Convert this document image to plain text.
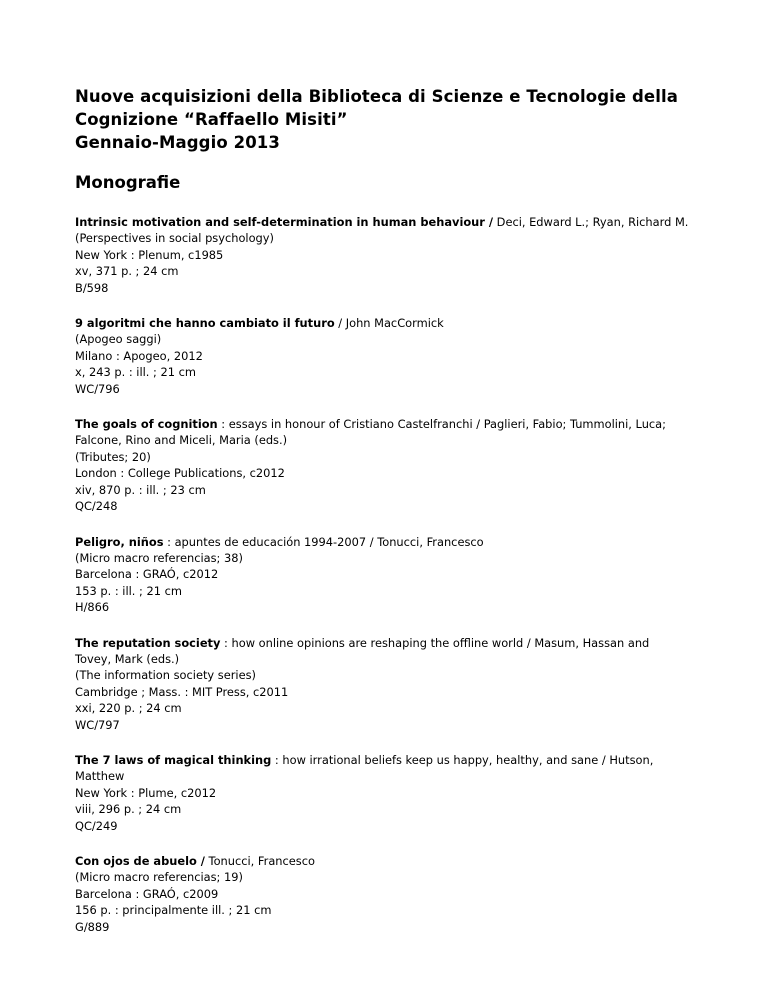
Nuove acquisizioni della Biblioteca di Scienze e Tecnologie della
Cognizione “Raffaello Misiti”
Gennaio-Maggio 2013
Monografie
Intrinsic motivation and self-determination in human behaviour / Deci, Edward L.; Ryan, Richard M.
(Perspectives in social psychology)
New York : Plenum, c1985
xv, 371 p. ; 24 cm
B/598
9 algoritmi che hanno cambiato il futuro / John MacCormick
(Apogeo saggi)
Milano : Apogeo, 2012
x, 243 p. : ill. ; 21 cm
WC/796
The goals of cognition : essays in honour of Cristiano Castelfranchi / Paglieri, Fabio; Tummolini, Luca;
Falcone, Rino and Miceli, Maria (eds.)
(Tributes; 20)
London : College Publications, c2012
xiv, 870 p. : ill. ; 23 cm
QC/248
Peligro, niños : apuntes de educación 1994-2007 / Tonucci, Francesco
(Micro macro referencias; 38)
Barcelona : GRAÓ, c2012
153 p. : ill. ; 21 cm
H/866
The reputation society : how online opinions are reshaping the offline world / Masum, Hassan and
Tovey, Mark (eds.)
(The information society series)
Cambridge ; Mass. : MIT Press, c2011
xxi, 220 p. ; 24 cm
WC/797
The 7 laws of magical thinking : how irrational beliefs keep us happy, healthy, and sane / Hutson,
Matthew
New York : Plume, c2012
viii, 296 p. ; 24 cm
QC/249
Con ojos de abuelo / Tonucci, Francesco
(Micro macro referencias; 19)
Barcelona : GRAÓ, c2009
156 p. : principalmente ill. ; 21 cm
G/889
